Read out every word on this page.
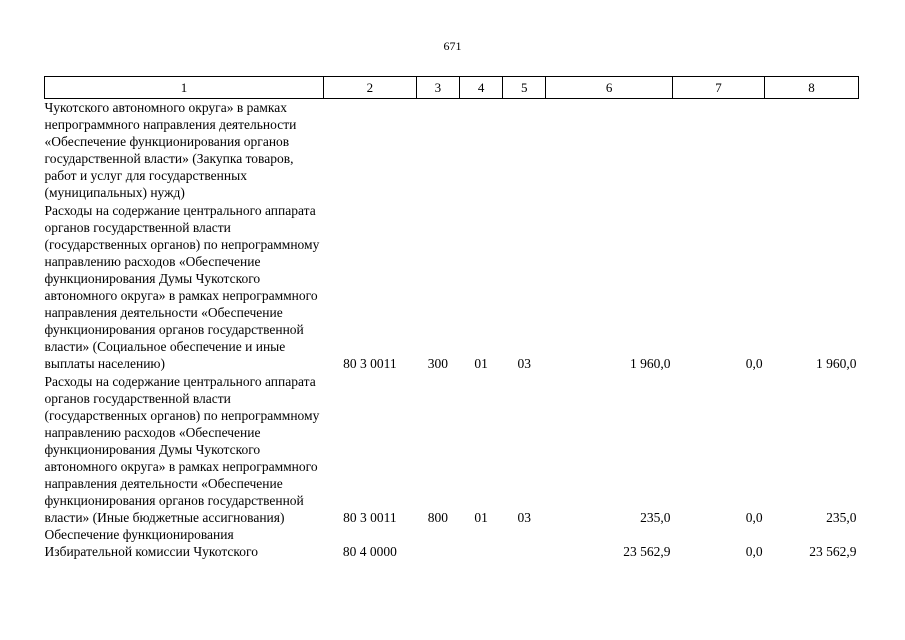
671
1	2	3	4	5	6	7	8
Чукотского автономного округа» в рамках непрограммного направления деятельности «Обеспечение функционирования органов государственной власти» (Закупка товаров, работ и услуг для государственных (муниципальных) нужд)							
Расходы на содержание центрального аппарата органов государственной власти (государственных органов) по непрограммному направлению расходов «Обеспечение функционирования Думы Чукотского автономного округа» в рамках непрограммного направления деятельности «Обеспечение функционирования органов государственной власти» (Социальное обеспечение и иные выплаты населению)	80 3 0011	300	01	03	1 960,0	0,0	1 960,0
Расходы на содержание центрального аппарата органов государственной власти (государственных органов) по непрограммному направлению расходов «Обеспечение функционирования Думы Чукотского автономного округа» в рамках непрограммного направления деятельности «Обеспечение функционирования органов государственной власти» (Иные бюджетные ассигнования)	80 3 0011	800	01	03	235,0	0,0	235,0
Обеспечение функционирования Избирательной комиссии Чукотского	80 4 0000				23 562,9	0,0	23 562,9
